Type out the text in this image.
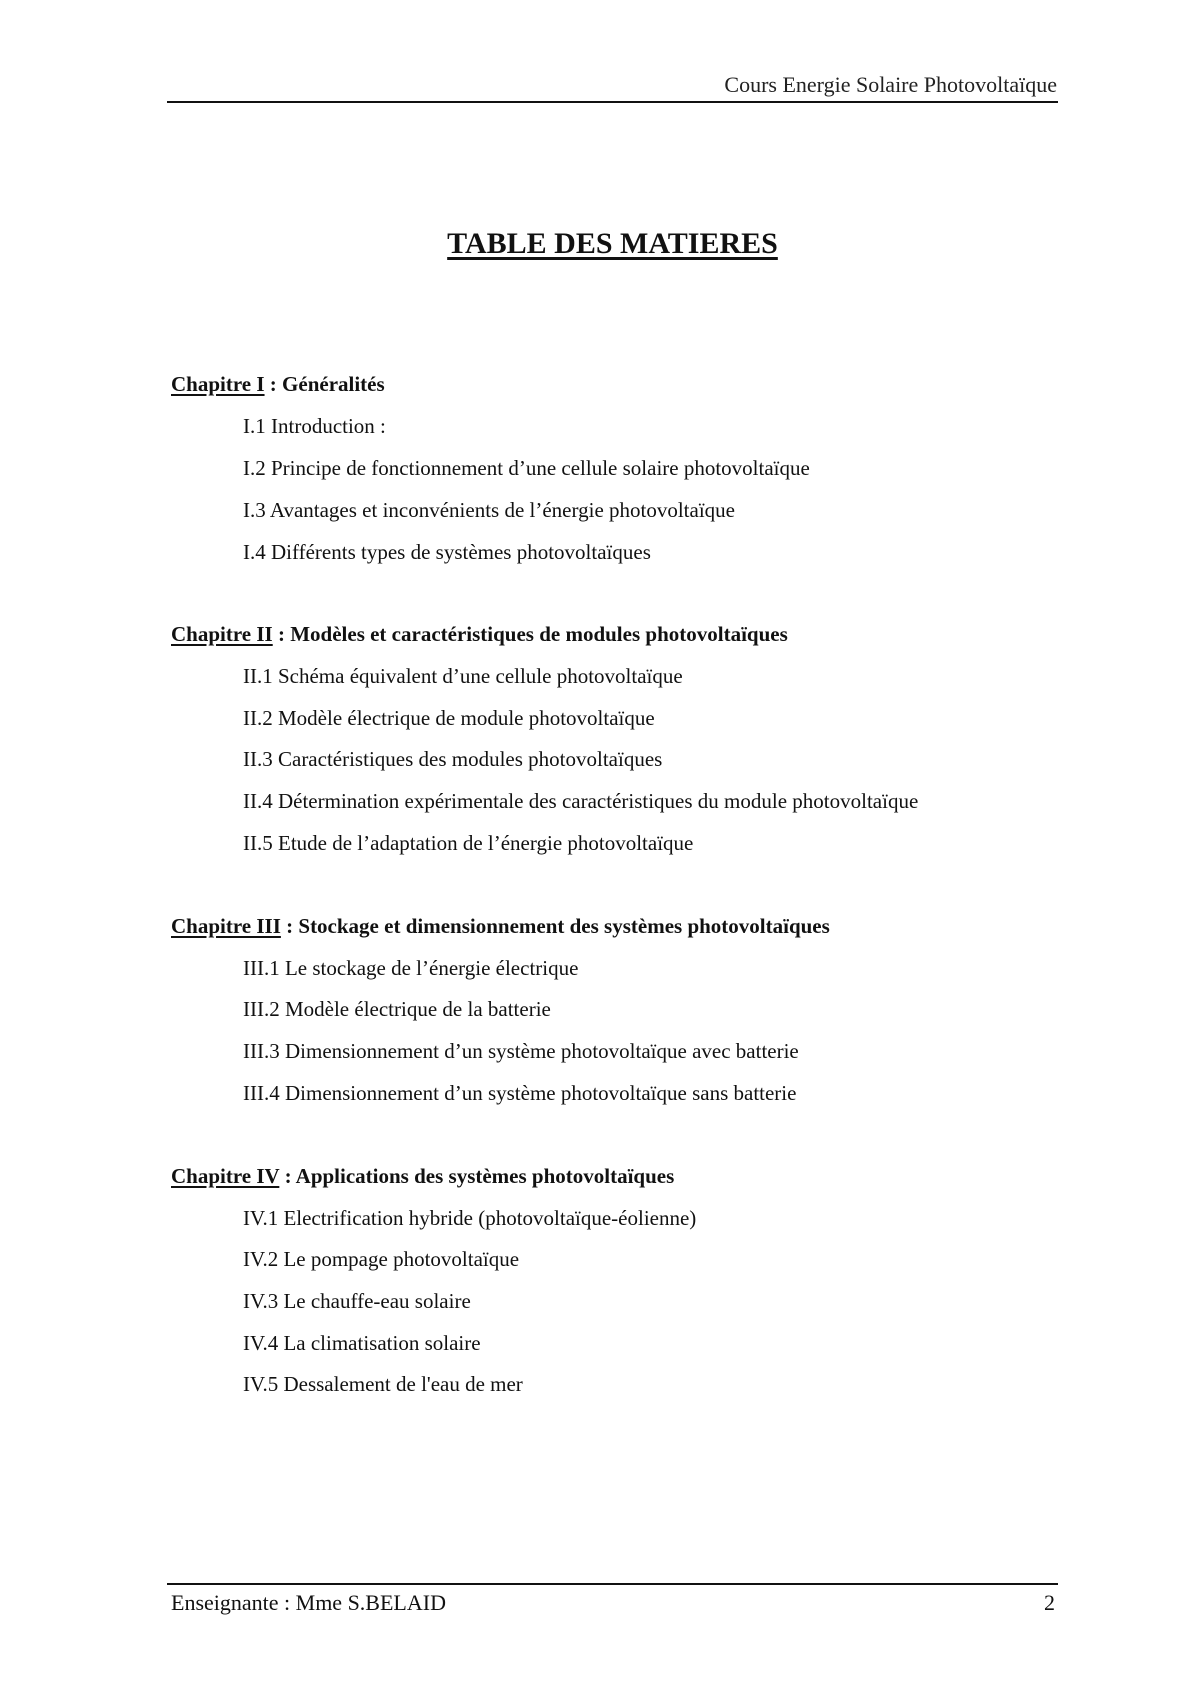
Cours Energie Solaire Photovoltaïque
TABLE DES MATIERES
Chapitre I : Généralités
I.1 Introduction :
I.2 Principe de fonctionnement d’une cellule solaire photovoltaïque
I.3 Avantages et inconvénients de l’énergie photovoltaïque
I.4 Différents types de systèmes photovoltaïques
Chapitre II : Modèles et caractéristiques de modules photovoltaïques
II.1 Schéma équivalent d’une cellule photovoltaïque
II.2 Modèle électrique de module photovoltaïque
II.3 Caractéristiques des modules photovoltaïques
II.4 Détermination expérimentale des caractéristiques du module photovoltaïque
II.5 Etude de l’adaptation de l’énergie photovoltaïque
Chapitre III : Stockage et dimensionnement des systèmes photovoltaïques
III.1 Le stockage de l’énergie électrique
III.2 Modèle électrique de la batterie
III.3 Dimensionnement d’un système photovoltaïque avec batterie
III.4 Dimensionnement d’un système photovoltaïque sans batterie
Chapitre IV : Applications des systèmes photovoltaïques
IV.1 Electrification hybride (photovoltaïque-éolienne)
IV.2 Le pompage photovoltaïque
IV.3 Le chauffe-eau solaire
IV.4 La climatisation solaire
IV.5 Dessalement de l'eau de mer
Enseignante : Mme S.BELAID	2
